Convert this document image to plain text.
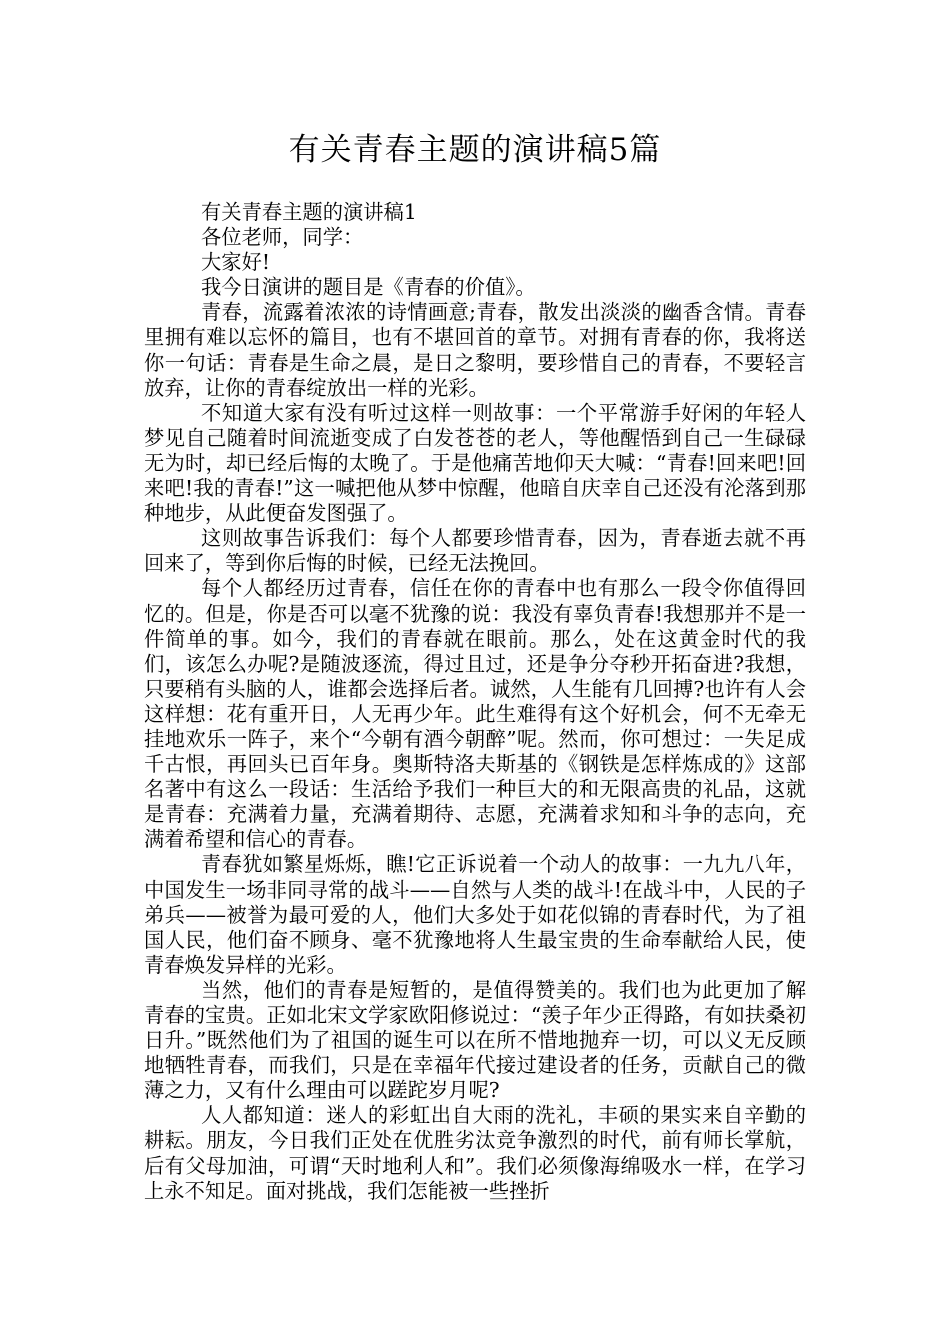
有关青春主题的演讲稿5篇

有关青春主题的演讲稿1

各位老师，同学：

大家好!

我今日演讲的题目是《青春的价值》。

青春，流露着浓浓的诗情画意;青春，散发出淡淡的幽香含情。青春里拥有难以忘怀的篇目，也有不堪回首的章节。对拥有青春的你，我将送你一句话：青春是生命之晨，是日之黎明，要珍惜自己的青春，不要轻言放弃，让你的青春绽放出一样的光彩。

不知道大家有没有听过这样一则故事：一个平常游手好闲的年轻人梦见自己随着时间流逝变成了白发苍苍的老人，等他醒悟到自己一生碌碌无为时，却已经后悔的太晚了。于是他痛苦地仰天大喊：“青春!回来吧!回来吧!我的青春!”这一喊把他从梦中惊醒，他暗自庆幸自己还没有沦落到那种地步，从此便奋发图强了。

这则故事告诉我们：每个人都要珍惜青春，因为，青春逝去就不再回来了，等到你后悔的时候，已经无法挽回。

每个人都经历过青春，信任在你的青春中也有那么一段令你值得回忆的。但是，你是否可以毫不犹豫的说：我没有辜负青春!我想那并不是一件简单的事。如今，我们的青春就在眼前。那么，处在这黄金时代的我们，该怎么办呢?是随波逐流，得过且过，还是争分夺秒开拓奋进?我想，只要稍有头脑的人，谁都会选择后者。诚然，人生能有几回搏?也许有人会这样想：花有重开日，人无再少年。此生难得有这个好机会，何不无牵无挂地欢乐一阵子，来个“今朝有酒今朝醉”呢。然而，你可想过：一失足成千古恨，再回头已百年身。奥斯特洛夫斯基的《钢铁是怎样炼成的》这部名著中有这么一段话：生活给予我们一种巨大的和无限高贵的礼品，这就是青春：充满着力量，充满着期待、志愿，充满着求知和斗争的志向，充满着希望和信心的青春。

青春犹如繁星烁烁，瞧!它正诉说着一个动人的故事：一九九八年，中国发生一场非同寻常的战斗——自然与人类的战斗!在战斗中，人民的子弟兵——被誉为最可爱的人，他们大多处于如花似锦的青春时代，为了祖国人民，他们奋不顾身、毫不犹豫地将人生最宝贵的生命奉献给人民，使青春焕发异样的光彩。

当然，他们的青春是短暂的，是值得赞美的。我们也为此更加了解青春的宝贵。正如北宋文学家欧阳修说过：“羡子年少正得路，有如扶桑初日升。”既然他们为了祖国的诞生可以在所不惜地抛弃一切，可以义无反顾地牺牲青春，而我们，只是在幸福年代接过建设者的任务，贡献自己的微薄之力，又有什么理由可以蹉跎岁月呢?

人人都知道：迷人的彩虹出自大雨的洗礼，丰硕的果实来自辛勤的耕耘。朋友，今日我们正处在优胜劣汰竞争激烈的时代，前有师长掌航，后有父母加油，可谓“天时地利人和”。我们必须像海绵吸水一样，在学习上永不知足。面对挑战，我们怎能被一些挫折
